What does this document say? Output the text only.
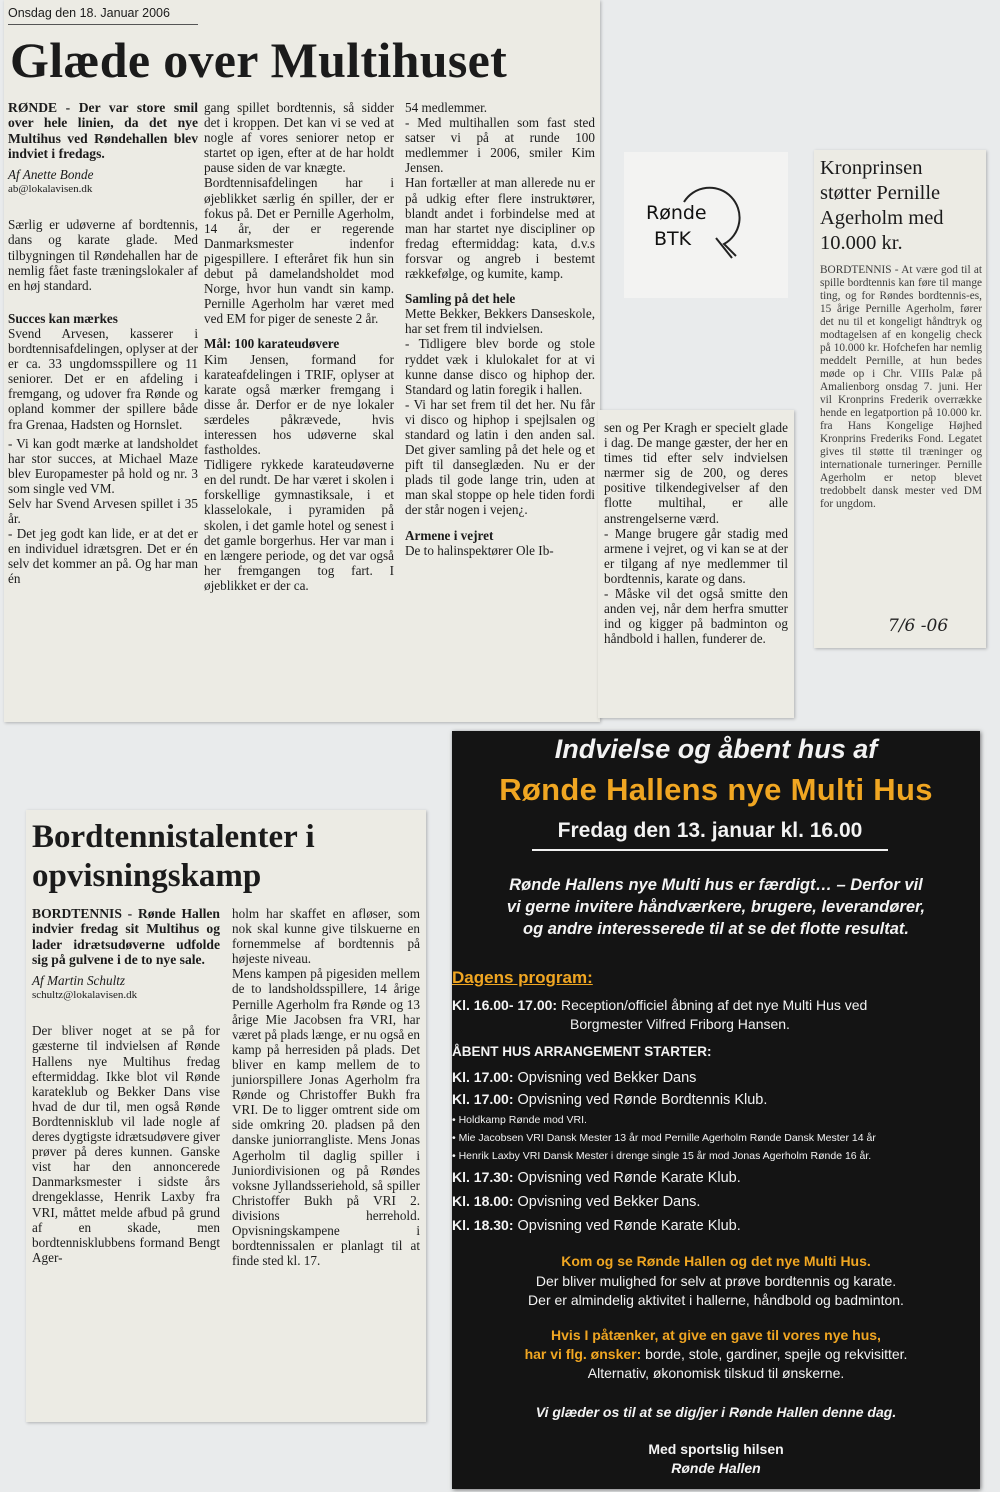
Onsdag den 18. Januar 2006
Glæde over Multihuset

RØNDE - Der var store smil over hele linien, da det nye Multihus ved Røndehallen blev indviet i fredags.

Af Anette Bonde

ab@lokalavisen.dk

Særlig er udøverne af bordtennis, dans og karate glade. Med tilbygningen til Røndehallen har de nemlig fået faste træningslokaler af en høj standard.

Succes kan mærkes

Svend Arvesen, kasserer i bordtennisafdelingen, oplyser at der er ca. 33 ungdomsspillere og 11 seniorer. Det er en afdeling i fremgang, og udover fra Rønde og opland kommer der spillere både fra Grenaa, Hadsten og Hornslet.

- Vi kan godt mærke at landsholdet har stor succes, at Michael Maze blev Europamester på hold og nr. 3 som single ved VM.

Selv har Svend Arvesen spillet i 35 år.

- Det jeg godt kan lide, er at det er en individuel idrætsgren. Det er én selv det kommer an på. Og har man én

gang spillet bordtennis, så sidder det i kroppen. Det kan vi se ved at nogle af vores seniorer netop er startet op igen, efter at de har holdt pause siden de var knægte.

Bordtennisafdelingen har i øjeblikket særlig én spiller, der er fokus på. Det er Pernille Agerholm, 14 år, der er regerende Danmarksmester indenfor pigespillere. I efteråret fik hun sin debut på damelandsholdet mod Norge, hvor hun vandt sin kamp. Pernille Agerholm har været med ved EM for piger de seneste 2 år.

Mål: 100 karateudøvere

Kim Jensen, formand for karateafdelingen i TRIF, oplyser at karate også mærker fremgang i disse år. Derfor er de nye lokaler særdeles påkrævede, hvis interessen hos udøverne skal fastholdes.

Tidligere rykkede karateudøverne en del rundt. De har været i skolen i forskellige gymnastiksale, i et klasselokale, i pyramiden på skolen, i det gamle hotel og senest i det gamle borgerhus. Her var man i en længere periode, og det var også her fremgangen tog fart. I øjeblikket er der ca.

54 medlemmer.

- Med multihallen som fast sted satser vi på at runde 100 medlemmer i 2006, smiler Kim Jensen.

Han fortæller at man allerede nu er på udkig efter flere instruktører, blandt andet i forbindelse med at man har startet nye discipliner op fredag eftermiddag: kata, d.v.s forsvar og angreb i bestemt rækkefølge, og kumite, kamp.

Samling på det hele

Mette Bekker, Bekkers Danseskole, har set frem til indvielsen.

- Tidligere blev borde og stole ryddet væk i klulokalet for at vi kunne danse disco og hiphop der. Standard og latin foregik i hallen.

- Vi har set frem til det her. Nu får vi disco og hiphop i spejlsalen og standard og latin i den anden sal. Det giver samling på det hele og et pift til danseglæden. Nu er der plads til gode lange trin, uden at man skal stoppe op hele tiden fordi der står nogen i vejen¿.

Armene i vejret

De to halinspektører Ole Ib-

sen og Per Kragh er specielt glade i dag. De mange gæster, der her en times tid efter selv indvielsen nærmer sig de 200, og deres positive tilkendegivelser af den flotte multihal, er alle anstrengelserne værd.

- Mange brugere går stadig med armene i vejret, og vi kan se at der er tilgang af nye medlemmer til bordtennis, karate og dans.

- Måske vil det også smitte den anden vej, når dem herfra smutter ind og kigger på badminton og håndbold i hallen, funderer de.

Rønde
BTK
Kronprinsen
støtter Pernille
Agerholm med
10.000 kr.

BORDTENNIS - At være god til at spille bordtennis kan føre til mange ting, og for Røndes bordtennis-es, 15 årige Pernille Agerholm, fører det nu til et kongeligt håndtryk og modtagelsen af en kongelig check på 10.000 kr. Hofchefen har nemlig meddelt Pernille, at hun bedes møde op i Chr. VIIIs Palæ på Amalienborg onsdag 7. juni. Her vil Kronprins Frederik overrække hende en legatportion på 10.000 kr. fra Hans Kongelige Højhed Kronprins Frederiks Fond. Legatet gives til støtte til træninger og internationale turneringer. Pernille Agerholm er netop blevet tredobbelt dansk mester ved DM for ungdom.

7/6 -06
Bordtennistalenter i
opvisningskamp

BORDTENNIS - Rønde Hallen indvier fredag sit Multihus og lader idrætsudøverne udfolde sig på gulvene i de to nye sale.

Af Martin Schultz

schultz@lokalavisen.dk

Der bliver noget at se på for gæsterne til indvielsen af Rønde Hallens nye Multihus fredag eftermiddag. Ikke blot vil Rønde karateklub og Bekker Dans vise hvad de dur til, men også Rønde Bordtennisklub vil lade nogle af deres dygtigste idrætsudøvere giver prøver på deres kunnen. Ganske vist har den annoncerede Danmarksmester i sidste års drengeklasse, Henrik Laxby fra VRI, måttet melde afbud på grund af en skade, men bordtennisklubbens formand Bengt Ager-

holm har skaffet en afløser, som nok skal kunne give tilskuerne en fornemmelse af bordtennis på højeste niveau.

Mens kampen på pigesiden mellem de to landsholdsspillere, 14 årige Pernille Agerholm fra Rønde og 13 årige Mie Jacobsen fra VRI, har været på plads længe, er nu også en kamp på herresiden på plads. Det bliver en kamp mellem de to juniorspillere Jonas Agerholm fra Rønde og Christoffer Bukh fra VRI. De to ligger omtrent side om side omkring 20. pladsen på den danske juniorrangliste. Mens Jonas Agerholm til daglig spiller i Juniordivisionen og på Røndes voksne Jyllandsseriehold, så spiller Christoffer Bukh på VRI 2. divisions herrehold. Opvisningskampene i bordtennissalen er planlagt til at finde sted kl. 17.

Indvielse og åbent hus af
Rønde Hallens nye Multi Hus
Fredag den 13. januar kl. 16.00
Rønde Hallens nye Multi hus er færdigt… – Derfor vil
vi gerne invitere håndværkere, brugere, leverandører,
og andre interesserede til at se det flotte resultat.
Dagens program:
Kl. 16.00- 17.00: Reception/officiel åbning af det nye Multi Hus ved
Borgmester Vilfred Friborg Hansen.
ÅBENT HUS ARRANGEMENT STARTER:
Kl. 17.00: Opvisning ved Bekker Dans
Kl. 17.00: Opvisning ved Rønde Bordtennis Klub.
• Holdkamp Rønde mod VRI.
• Mie Jacobsen VRI Dansk Mester 13 år mod Pernille Agerholm Rønde Dansk Mester 14 år
• Henrik Laxby VRI Dansk Mester i drenge single 15 år mod Jonas Agerholm Rønde 16 år.
Kl. 17.30: Opvisning ved Rønde Karate Klub.
Kl. 18.00: Opvisning ved Bekker Dans.
Kl. 18.30: Opvisning ved Rønde Karate Klub.
Kom og se Rønde Hallen og det nye Multi Hus.
Der bliver mulighed for selv at prøve bordtennis og karate.
Der er almindelig aktivitet i hallerne, håndbold og badminton.
Hvis I påtænker, at give en gave til vores nye hus,
har vi flg. ønsker: borde, stole, gardiner, spejle og rekvisitter.
Alternativ, økonomisk tilskud til ønskerne.
Vi glæder os til at se dig/jer i Rønde Hallen denne dag.
Med sportslig hilsen
Rønde Hallen
